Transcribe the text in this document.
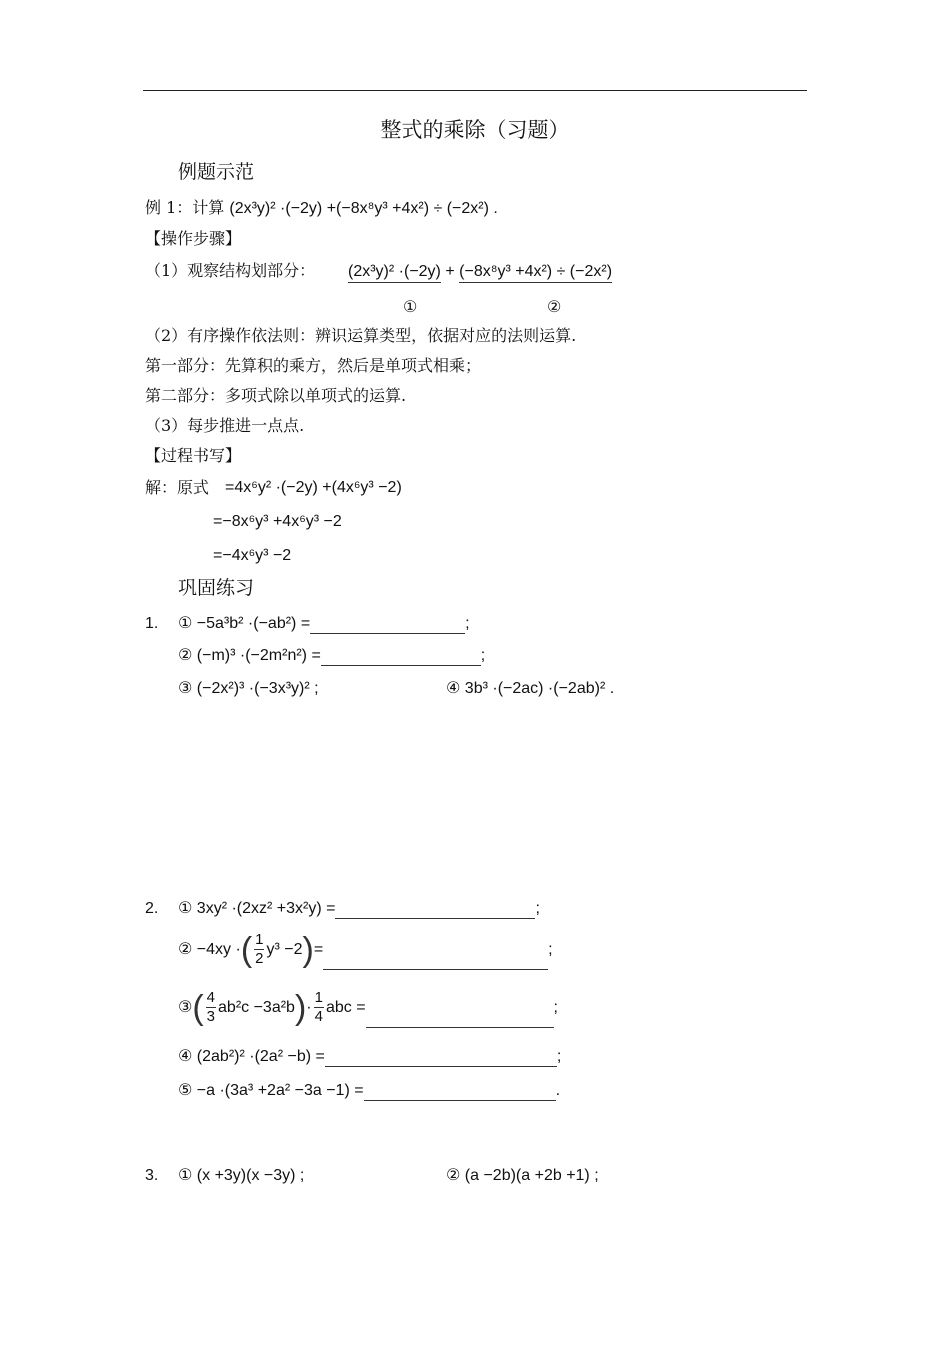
整式的乘除（习题）
例题示范
例 1：计算 (2x³y)² ·(−2y) +(−8x⁸y³ +4x²) ÷ (−2x²) .
【操作步骤】
（1）观察结构划部分： (2x³y)² ·(−2y) + (−8x⁸y³ +4x²) ÷ (−2x²)
①	②
（2）有序操作依法则：辨识运算类型，依据对应的法则运算.
第一部分：先算积的乘方，然后是单项式相乘；
第二部分：多项式除以单项式的运算.
（3）每步推进一点点.
【过程书写】
解：原式 =4x⁶y² ·(−2y) +(4x⁶y³ −2)
=−8x⁶y³ +4x⁶y³ −2
=−4x⁶y³ −2
巩固练习
1. ① −5a³b² ·(−ab²) =	;
② (−m)³ ·(−2m²n²) =	;
③ (−2x²)³ ·(−3x³y)² ;	④ 3b³ ·(−2ac) ·(−2ab)² .
2. ① 3xy² ·(2xz² +3x²y) =	;
② −4xy ·( $\frac{1}{2} y^3 -2)=$	;
③( $\frac{4}{3} ab^2c -3a^2b)\cdot \frac{1}{4}$ abc =	;
④ (2ab²)² ·(2a² −b) =	;
⑤ −a ·(3a³ +2a² −3a −1) =	.
3. ① (x +3y)(x −3y) ;	② (a −2b)(a +2b +1) ;
